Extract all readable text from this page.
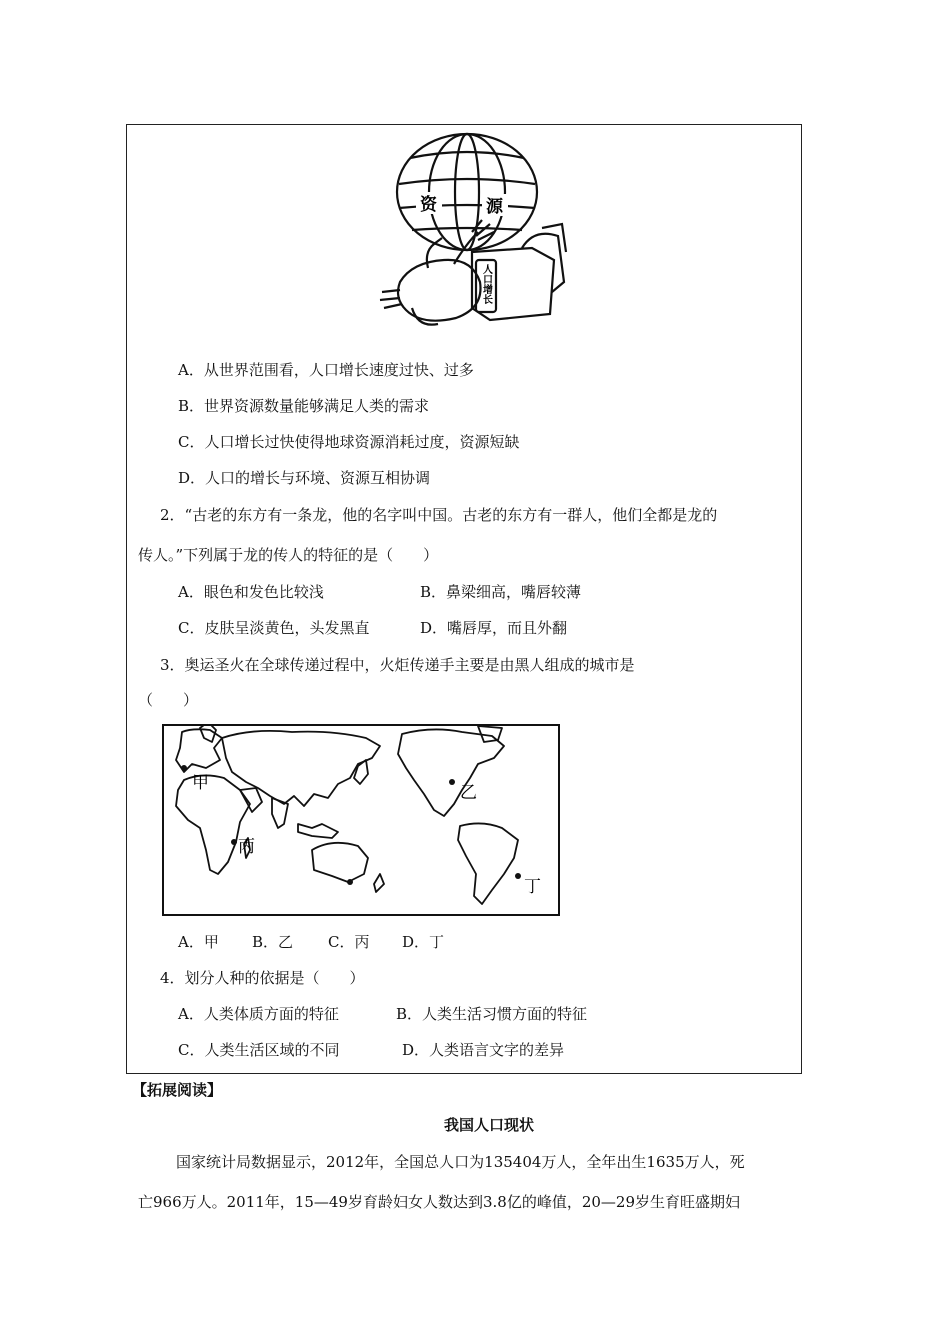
资	源
人口增长
A．从世界范围看，人口增长速度过快、过多
B．世界资源数量能够满足人类的需求
C．人口增长过快使得地球资源消耗过度，资源短缺
D．人口的增长与环境、资源互相协调
2．“古老的东方有一条龙，他的名字叫中国。古老的东方有一群人，他们全都是龙的
传人。”下列属于龙的传人的特征的是（　　）
A．眼色和发色比较浅	B．鼻梁细高，嘴唇较薄
C．皮肤呈淡黄色，头发黑直	D．嘴唇厚，而且外翻
3．奥运圣火在全球传递过程中，火炬传递手主要是由黑人组成的城市是
（　　）
甲	乙
丙
丁
A．甲 B．乙 C．丙 D．丁
4．划分人种的依据是（　　）
A．人类体质方面的特征	B．人类生活习惯方面的特征
C．人类生活区域的不同	D．人类语言文字的差异
【拓展阅读】
我国人口现状
国家统计局数据显示，2012年，全国总人口为135404万人，全年出生1635万人，死
亡966万人。2011年，15—49岁育龄妇女人数达到3.8亿的峰值，20—29岁生育旺盛期妇
